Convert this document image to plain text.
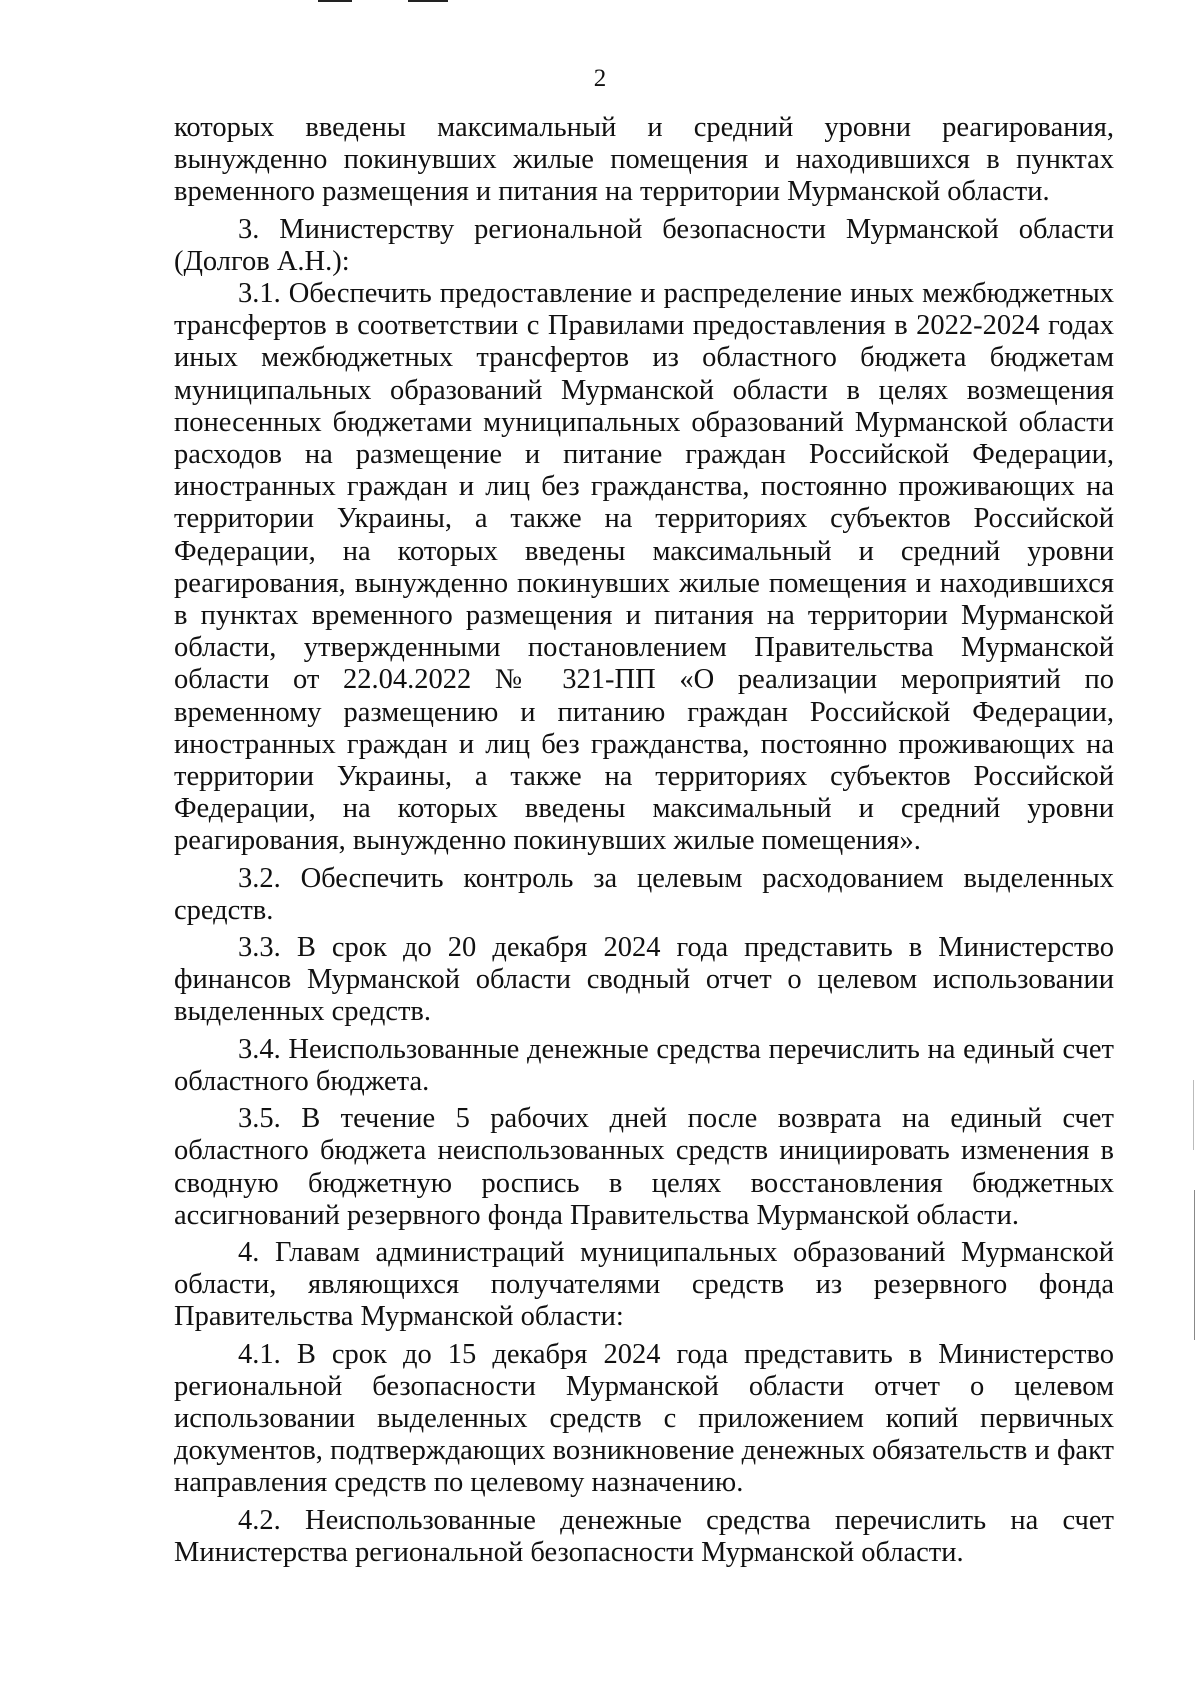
2

которых введены максимальный и средний уровни реагирования, вынужденно покинувших жилые помещения и находившихся в пунктах временного размещения и питания на территории Мурманской области.

3. Министерству региональной безопасности Мурманской области (Долгов А.Н.):

3.1. Обеспечить предоставление и распределение иных межбюджетных трансфертов в соответствии с Правилами предоставления в 2022-2024 годах иных межбюджетных трансфертов из областного бюджета бюджетам муниципальных образований Мурманской области в целях возмещения понесенных бюджетами муниципальных образований Мурманской области расходов на размещение и питание граждан Российской Федерации, иностранных граждан и лиц без гражданства, постоянно проживающих на территории Украины, а также на территориях субъектов Российской Федерации, на которых введены максимальный и средний уровни реагирования, вынужденно покинувших жилые помещения и находившихся в пунктах временного размещения и питания на территории Мурманской области, утвержденными постановлением Правительства Мурманской области от 22.04.2022 № 321-ПП «О реализации мероприятий по временному размещению и питанию граждан Российской Федерации, иностранных граждан и лиц без гражданства, постоянно проживающих на территории Украины, а также на территориях субъектов Российской Федерации, на которых введены максимальный и средний уровни реагирования, вынужденно покинувших жилые помещения».

3.2. Обеспечить контроль за целевым расходованием выделенных средств.

3.3. В срок до 20 декабря 2024 года представить в Министерство финансов Мурманской области сводный отчет о целевом использовании выделенных средств.

3.4. Неиспользованные денежные средства перечислить на единый счет областного бюджета.

3.5. В течение 5 рабочих дней после возврата на единый счет областного бюджета неиспользованных средств инициировать изменения в сводную бюджетную роспись в целях восстановления бюджетных ассигнований резервного фонда Правительства Мурманской области.

4. Главам администраций муниципальных образований Мурманской области, являющихся получателями средств из резервного фонда Правительства Мурманской области:

4.1. В срок до 15 декабря 2024 года представить в Министерство региональной безопасности Мурманской области отчет о целевом использовании выделенных средств с приложением копий первичных документов, подтверждающих возникновение денежных обязательств и факт направления средств по целевому назначению.

4.2. Неиспользованные денежные средства перечислить на счет Министерства региональной безопасности Мурманской области.
